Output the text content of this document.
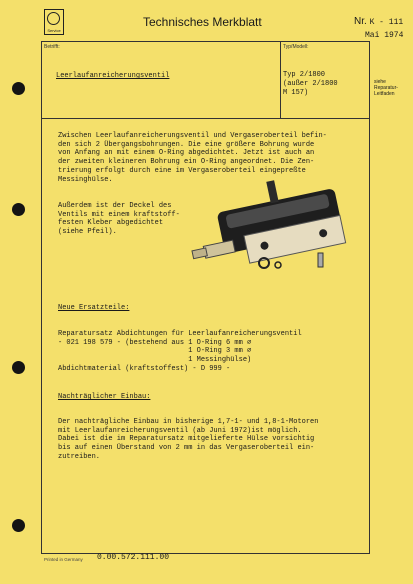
Service
Technisches Merkblatt	Nr. K - 111
Mai 1974
Betrifft:
Leerlaufanreicherungsventil
Typ/Modell:
Typ 2/1800
(außer 2/1800
M 157)
siehe
Reparatur-
Leitfaden

Zwischen Leerlaufanreicherungsventil und Vergaseroberteil befin-
den sich 2 Übergangsbohrungen. Die eine größere Bohrung wurde
von Anfang an mit einem O-Ring abgedichtet. Jetzt ist auch an
der zweiten kleineren Bohrung ein O-Ring angeordnet. Die Zen-
trierung erfolgt durch eine im Vergaseroberteil eingepreßte
Messinghülse.

Außerdem ist der Deckel des
Ventils mit einem kraftstoff-
festen Kleber abgedichtet
(siehe Pfeil).
Neue Ersatzteile:

Reparatursatz Abdichtungen für Leerlaufanreicherungsventil
- 021 198 579 - (bestehend aus 1 O-Ring 6 mm ∅
1 O-Ring 3 mm ∅
1 Messinghülse)
Abdichtmaterial (kraftstoffest) - D 999 -
Nachträglicher Einbau:

Der nachträgliche Einbau in bisherige 1,7-1- und 1,8-1-Motoren
mit Leerlaufanreicherungsventil (ab Juni 1972)ist möglich.
Dabei ist die im Reparatursatz mitgelieferte Hülse vorsichtig
bis auf einen Überstand von 2 mm in das Vergaseroberteil ein-
zutreiben.
Printed in Germany 0.00.572.111.00
